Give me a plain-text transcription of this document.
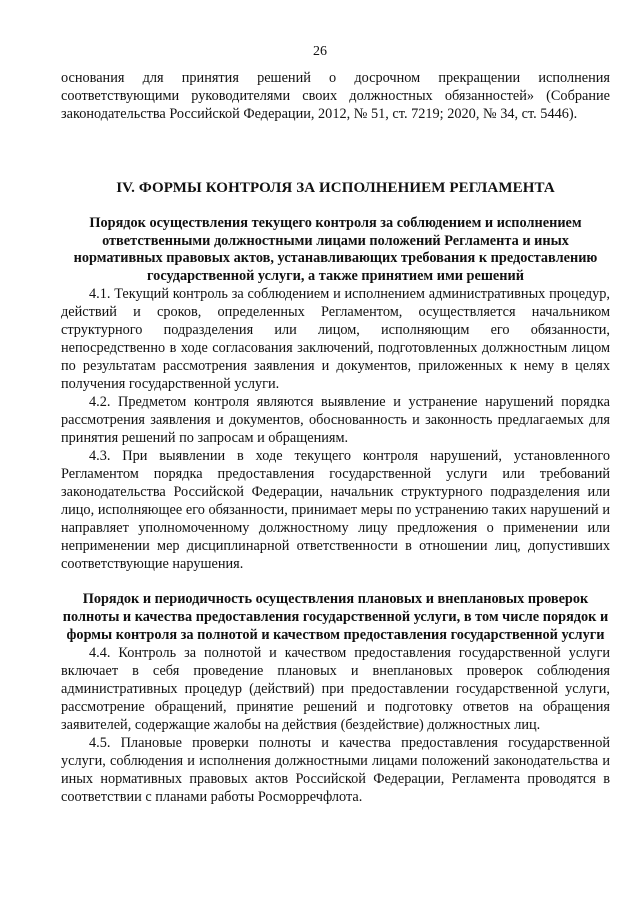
26

основания для принятия решений о досрочном прекращении исполнения соответствующими руководителями своих должностных обязанностей» (Собрание законодательства Российской Федерации, 2012, № 51, ст. 7219; 2020, № 34, ст. 5446).

IV. ФОРМЫ КОНТРОЛЯ ЗА ИСПОЛНЕНИЕМ РЕГЛАМЕНТА
Порядок осуществления текущего контроля за соблюдением и исполнением ответственными должностными лицами положений Регламента и иных нормативных правовых актов, устанавливающих требования к предоставлению государственной услуги, а также принятием ими решений

4.1. Текущий контроль за соблюдением и исполнением административных процедур, действий и сроков, определенных Регламентом, осуществляется начальником структурного подразделения или лицом, исполняющим его обязанности, непосредственно в ходе согласования заключений, подготовленных должностным лицом по результатам рассмотрения заявления и документов, приложенных к нему в целях получения государственной услуги.

4.2. Предметом контроля являются выявление и устранение нарушений порядка рассмотрения заявления и документов, обоснованность и законность предлагаемых для принятия решений по запросам и обращениям.

4.3. При выявлении в ходе текущего контроля нарушений, установленного Регламентом порядка предоставления государственной услуги или требований законодательства Российской Федерации, начальник структурного подразделения или лицо, исполняющее его обязанности, принимает меры по устранению таких нарушений и направляет уполномоченному должностному лицу предложения о применении или неприменении мер дисциплинарной ответственности в отношении лиц, допустивших соответствующие нарушения.

Порядок и периодичность осуществления плановых и внеплановых проверок полноты и качества предоставления государственной услуги, в том числе порядок и формы контроля за полнотой и качеством предоставления государственной услуги

4.4. Контроль за полнотой и качеством предоставления государственной услуги включает в себя проведение плановых и внеплановых проверок соблюдения административных процедур (действий) при предоставлении государственной услуги, рассмотрение обращений, принятие решений и подготовку ответов на обращения заявителей, содержащие жалобы на действия (бездействие) должностных лиц.

4.5. Плановые проверки полноты и качества предоставления государственной услуги, соблюдения и исполнения должностными лицами положений законодательства и иных нормативных правовых актов Российской Федерации, Регламента проводятся в соответствии с планами работы Росморречфлота.
